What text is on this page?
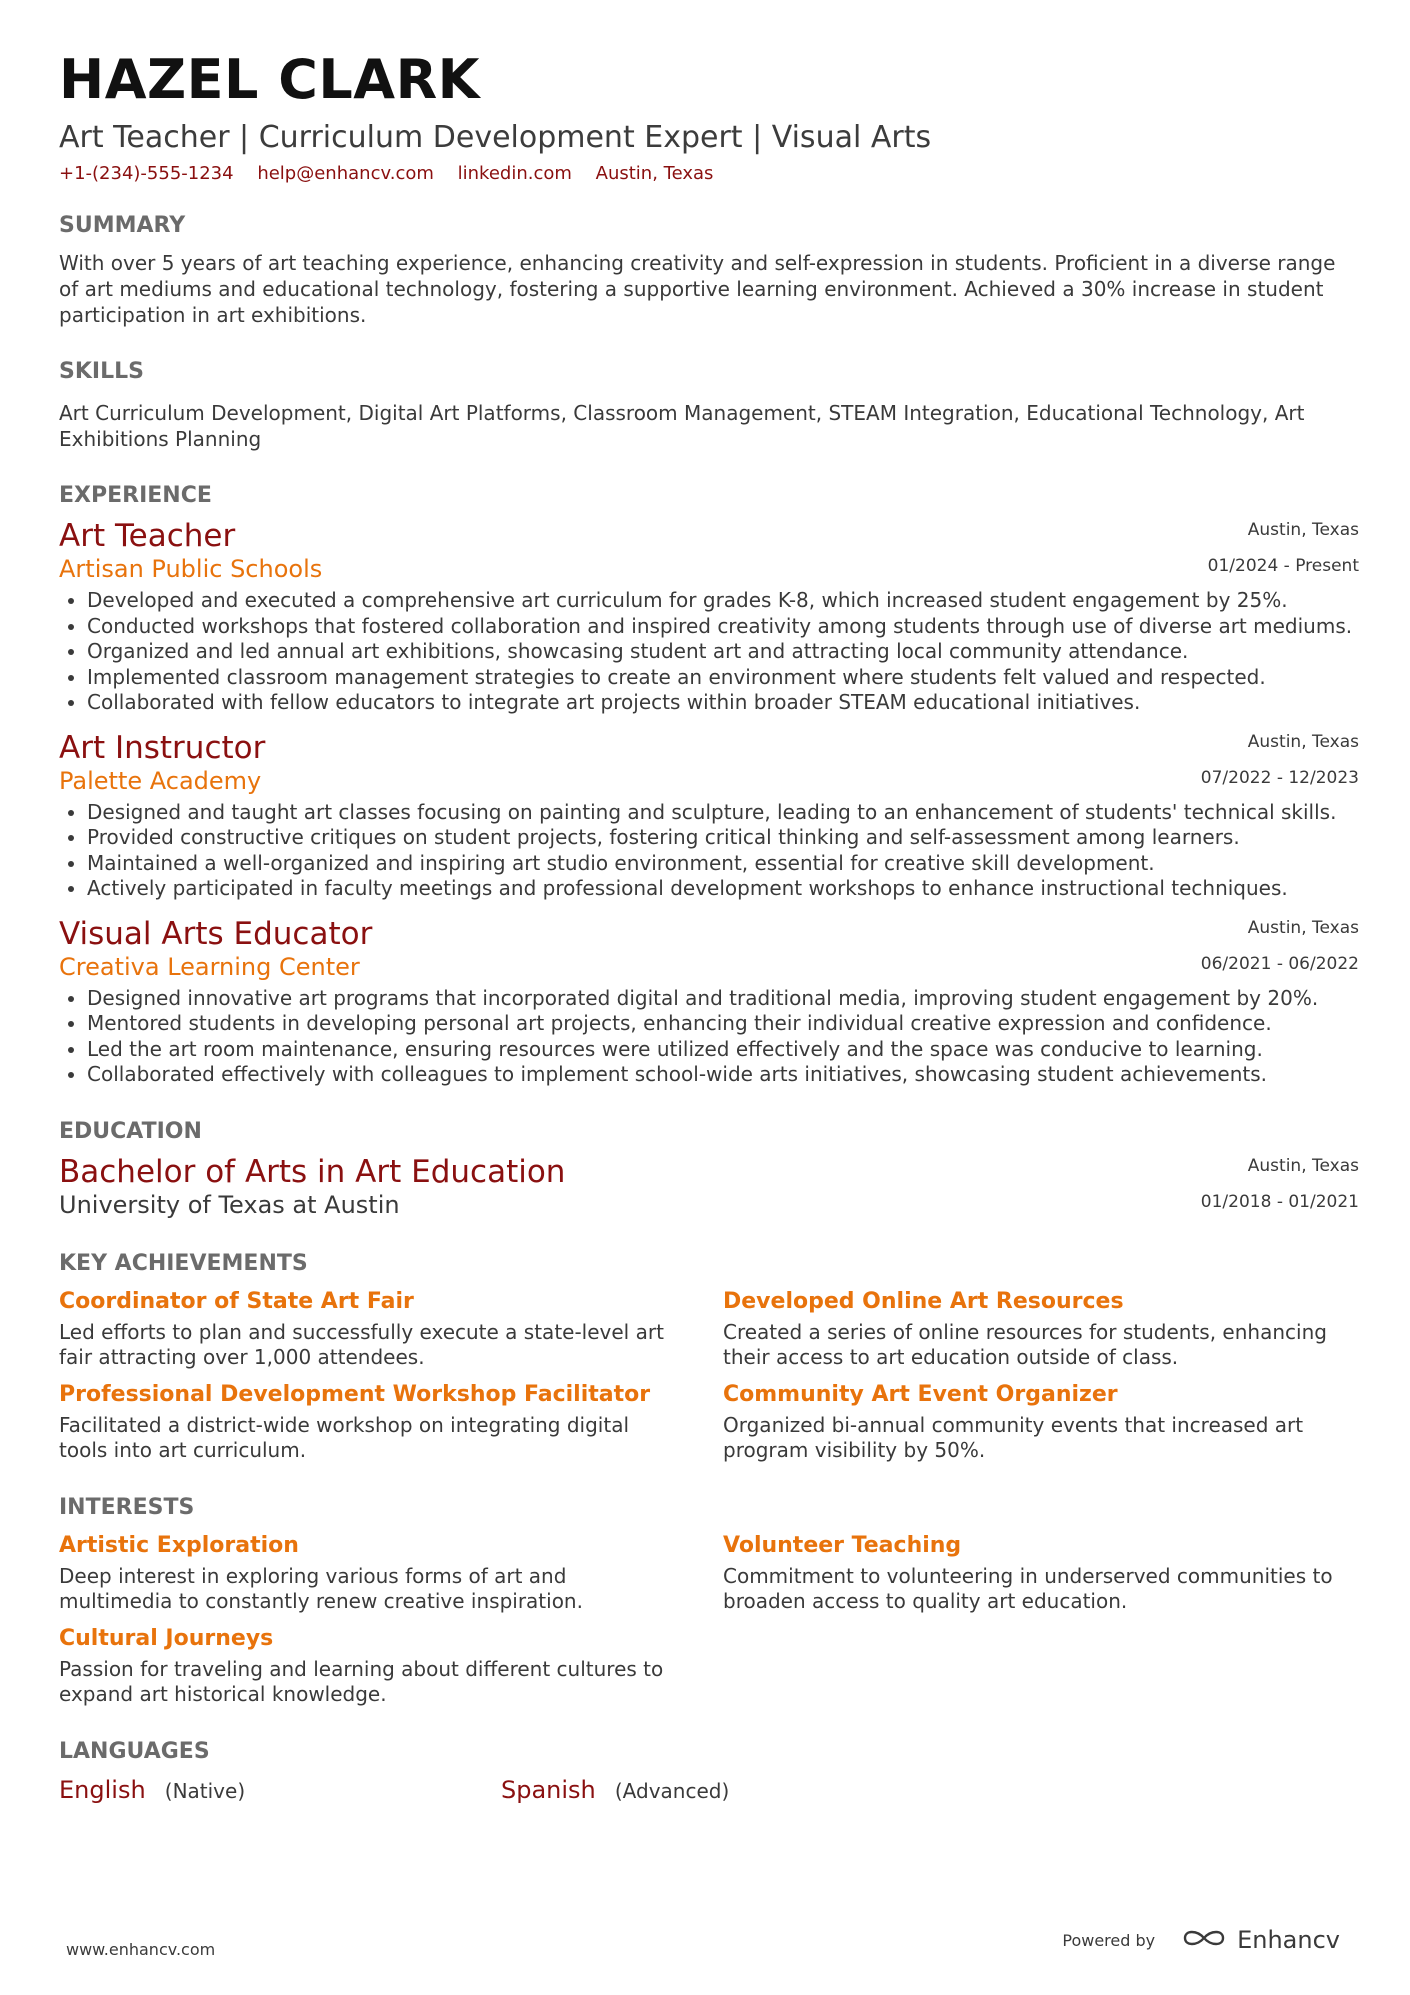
HAZEL CLARK
Art Teacher | Curriculum Development Expert | Visual Arts
+1-(234)-555-1234 help@enhancv.com linkedin.com Austin, Texas
SUMMARY
With over 5 years of art teaching experience, enhancing creativity and self-expression in students. Proficient in a diverse range of art mediums and educational technology, fostering a supportive learning environment. Achieved a 30% increase in student participation in art exhibitions.
SKILLS
Art Curriculum Development, Digital Art Platforms, Classroom Management, STEAM Integration, Educational Technology, Art Exhibitions Planning
EXPERIENCE
Art Teacher
Artisan Public Schools
Austin, Texas
01/2024 - Present
• Developed and executed a comprehensive art curriculum for grades K-8, which increased student engagement by 25%.
• Conducted workshops that fostered collaboration and inspired creativity among students through use of diverse art mediums.
• Organized and led annual art exhibitions, showcasing student art and attracting local community attendance.
• Implemented classroom management strategies to create an environment where students felt valued and respected.
• Collaborated with fellow educators to integrate art projects within broader STEAM educational initiatives.
Art Instructor
Palette Academy
Austin, Texas
07/2022 - 12/2023
• Designed and taught art classes focusing on painting and sculpture, leading to an enhancement of students' technical skills.
• Provided constructive critiques on student projects, fostering critical thinking and self-assessment among learners.
• Maintained a well-organized and inspiring art studio environment, essential for creative skill development.
• Actively participated in faculty meetings and professional development workshops to enhance instructional techniques.
Visual Arts Educator
Creativa Learning Center
Austin, Texas
06/2021 - 06/2022
• Designed innovative art programs that incorporated digital and traditional media, improving student engagement by 20%.
• Mentored students in developing personal art projects, enhancing their individual creative expression and confidence.
• Led the art room maintenance, ensuring resources were utilized effectively and the space was conducive to learning.
• Collaborated effectively with colleagues to implement school-wide arts initiatives, showcasing student achievements.
EDUCATION
Bachelor of Arts in Art Education
University of Texas at Austin
Austin, Texas
01/2018 - 01/2021
KEY ACHIEVEMENTS
Coordinator of State Art Fair
Led efforts to plan and successfully execute a state-level art fair attracting over 1,000 attendees.
Developed Online Art Resources
Created a series of online resources for students, enhancing their access to art education outside of class.
Professional Development Workshop Facilitator
Facilitated a district-wide workshop on integrating digital tools into art curriculum.
Community Art Event Organizer
Organized bi-annual community events that increased art program visibility by 50%.
INTERESTS
Artistic Exploration
Deep interest in exploring various forms of art and multimedia to constantly renew creative inspiration.
Volunteer Teaching
Commitment to volunteering in underserved communities to broaden access to quality art education.
Cultural Journeys
Passion for traveling and learning about different cultures to expand art historical knowledge.
LANGUAGES
English (Native)	Spanish (Advanced)
www.enhancv.com	Powered by	Enhancv
